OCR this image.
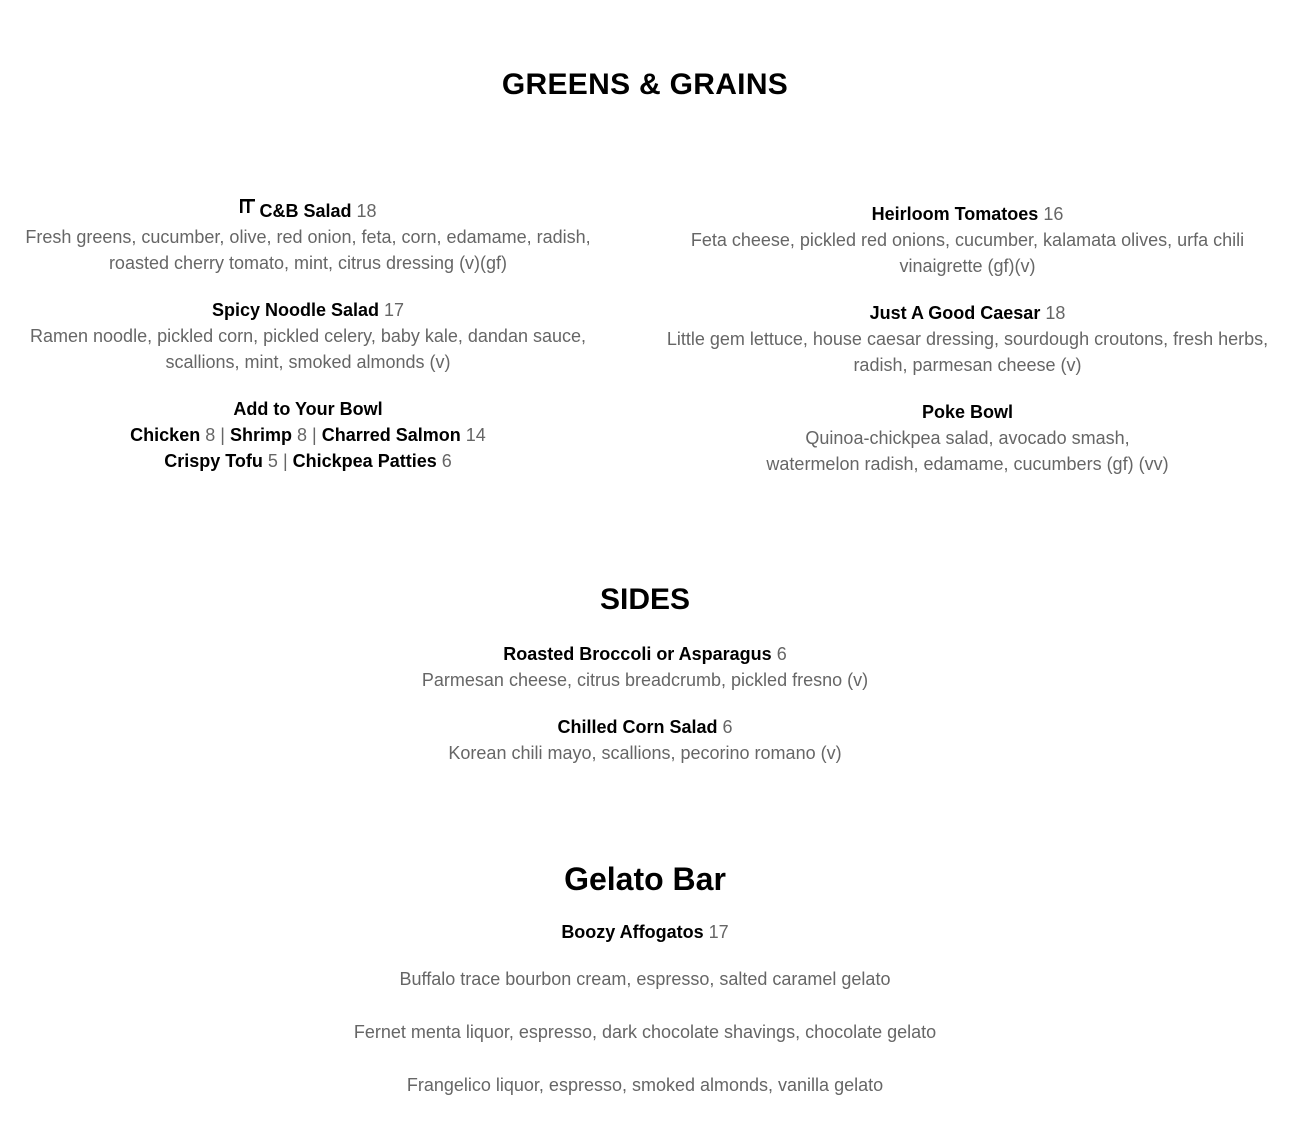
GREENS & GRAINS

C&B Salad 18

Fresh greens, cucumber, olive, red onion, feta, corn, edamame, radish, roasted cherry tomato, mint, citrus dressing (v)(gf)

Spicy Noodle Salad 17

Ramen noodle, pickled corn, pickled celery, baby kale, dandan sauce, scallions, mint, smoked almonds (v)

Add to Your Bowl

Chicken 8 | Shrimp 8 | Charred Salmon 14

Crispy Tofu 5 | Chickpea Patties 6

Heirloom Tomatoes 16

Feta cheese, pickled red onions, cucumber, kalamata olives, urfa chili vinaigrette (gf)(v)

Just A Good Caesar 18

Little gem lettuce, house caesar dressing, sourdough croutons, fresh herbs, radish, parmesan cheese (v)

Poke Bowl

Quinoa-chickpea salad, avocado smash,
watermelon radish, edamame, cucumbers (gf) (vv)

SIDES

Roasted Broccoli or Asparagus 6

Parmesan cheese, citrus breadcrumb, pickled fresno (v)

Chilled Corn Salad 6

Korean chili mayo, scallions, pecorino romano (v)

Gelato Bar

Boozy Affogatos 17

Buffalo trace bourbon cream, espresso, salted caramel gelato

Fernet menta liquor, espresso, dark chocolate shavings, chocolate gelato

Frangelico liquor, espresso, smoked almonds, vanilla gelato
